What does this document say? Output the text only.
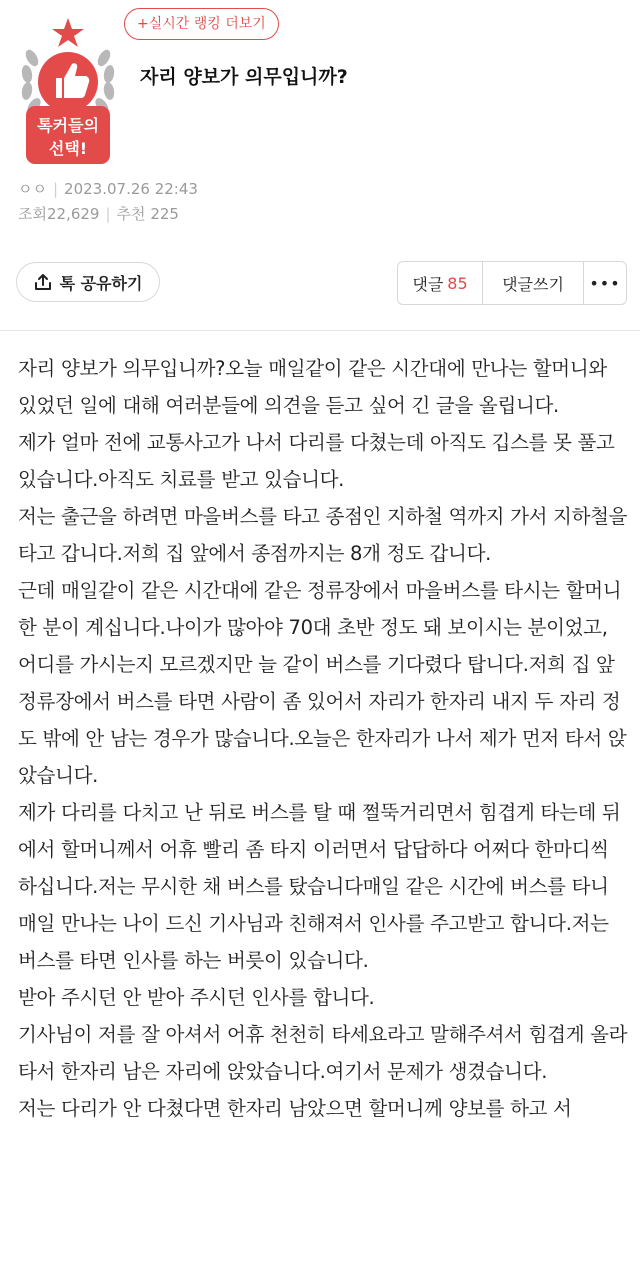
톡커들의
선택!
+실시간 랭킹 더보기
자리 양보가 의무입니까?
ㅇㅇ | 2023.07.26 22:43
조회22,629 | 추천 225
톡 공유하기	댓글 85	댓글쓰기	•••

자리 양보가 의무입니까?오늘 매일같이 같은 시간대에 만나는 할머니와 있었던 일에 대해 여러분들에 의견을 듣고 싶어 긴 글을 올립니다.

제가 얼마 전에 교통사고가 나서 다리를 다쳤는데 아직도 깁스를 못 풀고 있습니다.아직도 치료를 받고 있습니다.

저는 출근을 하려면 마을버스를 타고 종점인 지하철 역까지 가서 지하철을 타고 갑니다.저희 집 앞에서 종점까지는 8개 정도 갑니다.

근데 매일같이 같은 시간대에 같은 정류장에서 마을버스를 타시는 할머니 한 분이 계십니다.나이가 많아야 70대 초반 정도 돼 보이시는 분이었고, 어디를 가시는지 모르겠지만 늘 같이 버스를 기다렸다 탑니다.저희 집 앞 정류장에서 버스를 타면 사람이 좀 있어서 자리가 한자리 내지 두 자리 정도 밖에 안 남는 경우가 많습니다.오늘은 한자리가 나서 제가 먼저 타서 앉았습니다.

제가 다리를 다치고 난 뒤로 버스를 탈 때 쩔뚝거리면서 힘겹게 타는데 뒤에서 할머니께서 어휴 빨리 좀 타지 이러면서 답답하다 어쩌다 한마디씩 하십니다.저는 무시한 채 버스를 탔습니다매일 같은 시간에 버스를 타니 매일 만나는 나이 드신 기사님과 친해져서 인사를 주고받고 합니다.저는 버스를 타면 인사를 하는 버릇이 있습니다.

받아 주시던 안 받아 주시던 인사를 합니다.

기사님이 저를 잘 아셔서 어휴 천천히 타세요라고 말해주셔서 힘겹게 올라타서 한자리 남은 자리에 앉았습니다.여기서 문제가 생겼습니다.

저는 다리가 안 다쳤다면 한자리 남았으면 할머니께 양보를 하고 서
